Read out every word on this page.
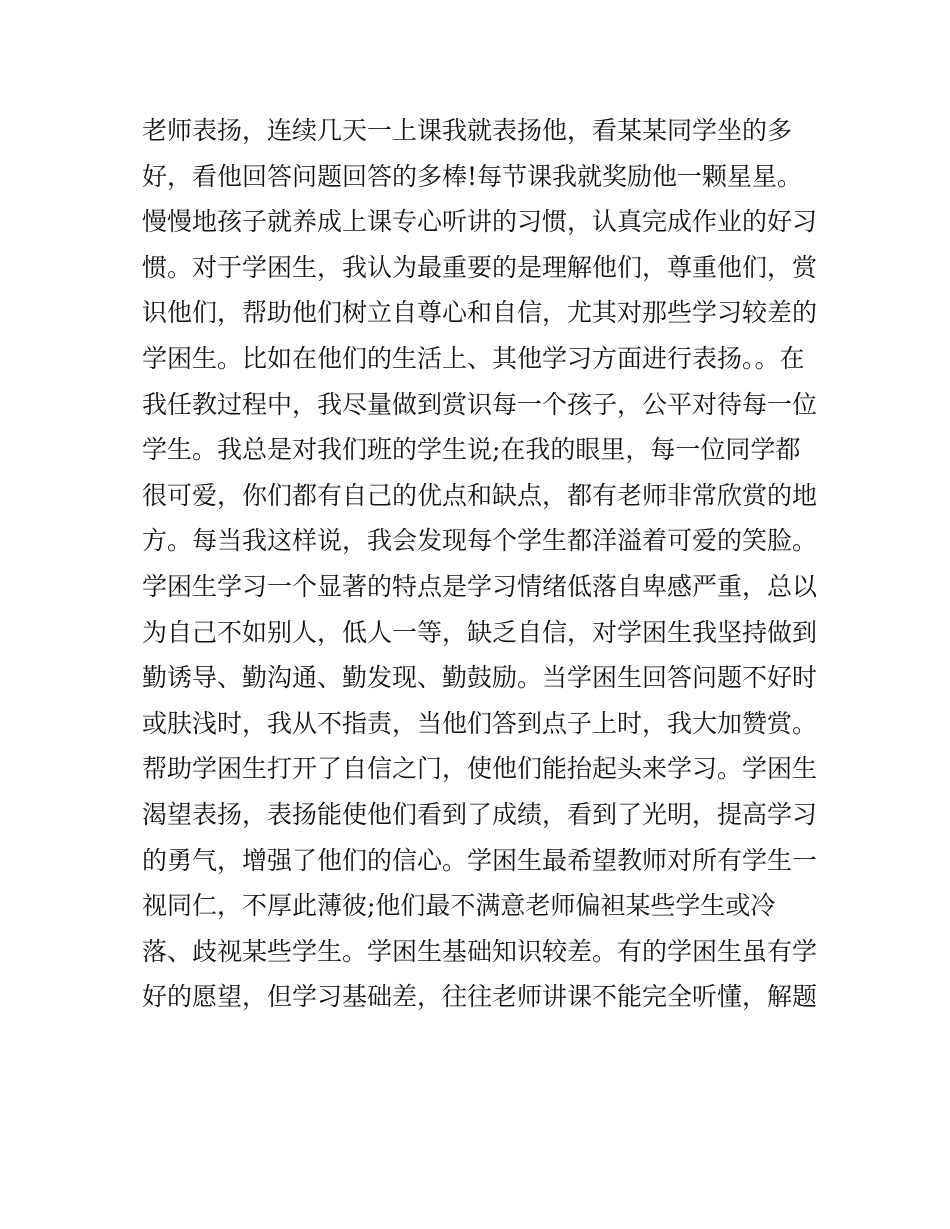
老师表扬，连续几天一上课我就表扬他，看某某同学坐的多
好，看他回答问题回答的多棒!每节课我就奖励他一颗星星。
慢慢地孩子就养成上课专心听讲的习惯，认真完成作业的好习
惯。对于学困生，我认为最重要的是理解他们，尊重他们，赏
识他们，帮助他们树立自尊心和自信，尤其对那些学习较差的
学困生。比如在他们的生活上、其他学习方面进行表扬。。在
我任教过程中，我尽量做到赏识每一个孩子，公平对待每一位
学生。我总是对我们班的学生说;在我的眼里，每一位同学都
很可爱，你们都有自己的优点和缺点，都有老师非常欣赏的地
方。每当我这样说，我会发现每个学生都洋溢着可爱的笑脸。
学困生学习一个显著的特点是学习情绪低落自卑感严重，总以
为自己不如别人，低人一等，缺乏自信，对学困生我坚持做到
勤诱导、勤沟通、勤发现、勤鼓励。当学困生回答问题不好时
或肤浅时，我从不指责，当他们答到点子上时，我大加赞赏。
帮助学困生打开了自信之门，使他们能抬起头来学习。学困生
渴望表扬，表扬能使他们看到了成绩，看到了光明，提高学习
的勇气，增强了他们的信心。学困生最希望教师对所有学生一
视同仁，不厚此薄彼;他们最不满意老师偏袒某些学生或冷
落、歧视某些学生。学困生基础知识较差。有的学困生虽有学
好的愿望，但学习基础差，往往老师讲课不能完全听懂，解题
